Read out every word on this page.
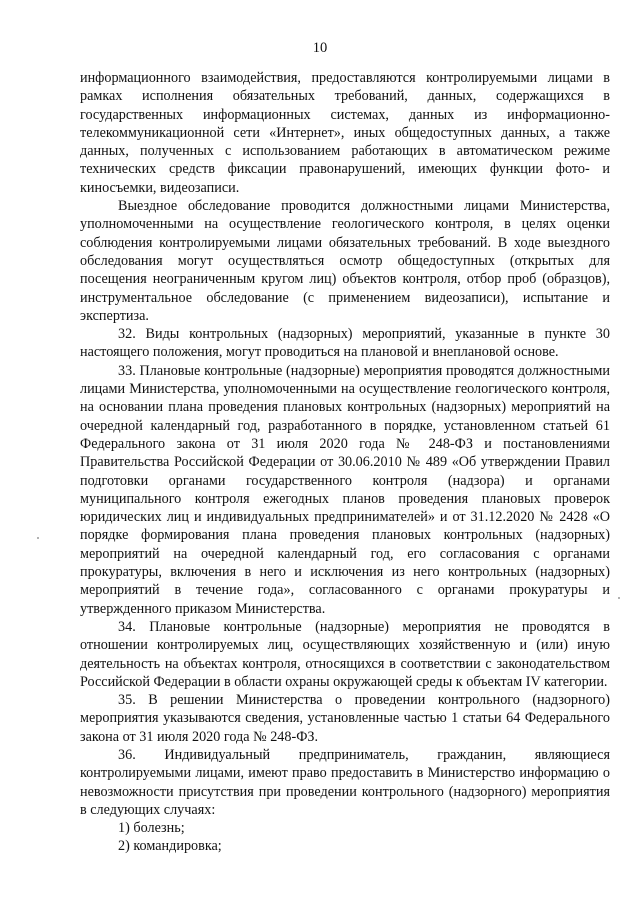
10

информационного взаимодействия, предоставляются контролируемыми лицами в рамках исполнения обязательных требований, данных, содержащихся в государственных информационных системах, данных из информационно-телекоммуникационной сети «Интернет», иных общедоступных данных, а также данных, полученных с использованием работающих в автоматическом режиме технических средств фиксации правонарушений, имеющих функции фото- и киносъемки, видеозаписи.

Выездное обследование проводится должностными лицами Министерства, уполномоченными на осуществление геологического контроля, в целях оценки соблюдения контролируемыми лицами обязательных требований. В ходе выездного обследования могут осуществляться осмотр общедоступных (открытых для посещения неограниченным кругом лиц) объектов контроля, отбор проб (образцов), инструментальное обследование (с применением видеозаписи), испытание и экспертиза.

32. Виды контрольных (надзорных) мероприятий, указанные в пункте 30 настоящего положения, могут проводиться на плановой и внеплановой основе.

33. Плановые контрольные (надзорные) мероприятия проводятся должностными лицами Министерства, уполномоченными на осуществление геологического контроля, на основании плана проведения плановых контрольных (надзорных) мероприятий на очередной календарный год, разработанного в порядке, установленном статьей 61 Федерального закона от 31 июля 2020 года № 248-ФЗ и постановлениями Правительства Российской Федерации от 30.06.2010 № 489 «Об утверждении Правил подготовки органами государственного контроля (надзора) и органами муниципального контроля ежегодных планов проведения плановых проверок юридических лиц и индивидуальных предпринимателей» и от 31.12.2020 № 2428 «О порядке формирования плана проведения плановых контрольных (надзорных) мероприятий на очередной календарный год, его согласования с органами прокуратуры, включения в него и исключения из него контрольных (надзорных) мероприятий в течение года», согласованного с органами прокуратуры и утвержденного приказом Министерства.

34. Плановые контрольные (надзорные) мероприятия не проводятся в отношении контролируемых лиц, осуществляющих хозяйственную и (или) иную деятельность на объектах контроля, относящихся в соответствии с законодательством Российской Федерации в области охраны окружающей среды к объектам IV категории.

35. В решении Министерства о проведении контрольного (надзорного) мероприятия указываются сведения, установленные частью 1 статьи 64 Федерального закона от 31 июля 2020 года № 248-ФЗ.

36. Индивидуальный предприниматель, гражданин, являющиеся контролируемыми лицами, имеют право предоставить в Министерство информацию о невозможности присутствия при проведении контрольного (надзорного) мероприятия в следующих случаях:

1) болезнь;

2) командировка;
